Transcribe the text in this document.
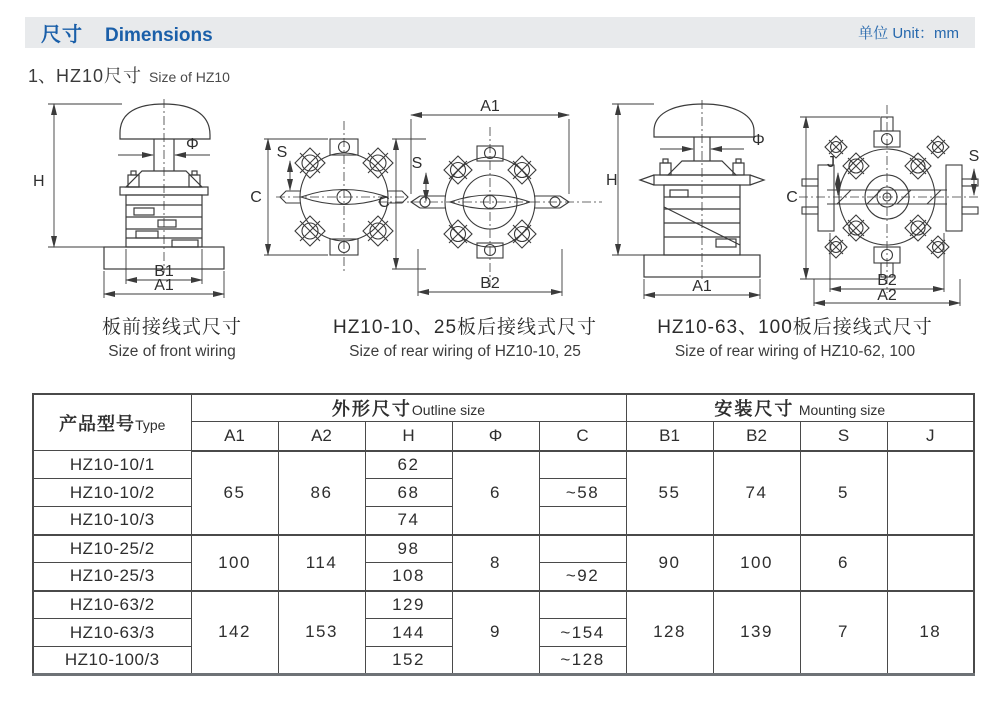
尺寸 Dimensions	单位 Unit：mm
1、HZ10尺寸 Size of HZ10
H
Φ
B1
A1
S
C
A1
C
S
B2
H
Φ
A1
C
J	S
B2
A2
板前接线式尺寸
Size of front wiring
HZ10-10、25板后接线式尺寸
Size of rear wiring of HZ10-10, 25
HZ10-63、100板后接线式尺寸
Size of rear wiring of HZ10-62, 100
产品型号Type	外形尺寸Outline size					安装尺寸 Mounting size			
	A1	A2	H	Φ	C	B1	B2	S	J
HZ10-10/1	65	86	62	6		55	74	5	
HZ10-10/2			68		~58				
HZ10-10/3			74						
HZ10-25/2	100	114	98	8		90	100	6	
HZ10-25/3			108		~92				
HZ10-63/2	142	153	129	9		128	139	7	18
HZ10-63/3			144		~154				
HZ10-100/3			152		~128				
